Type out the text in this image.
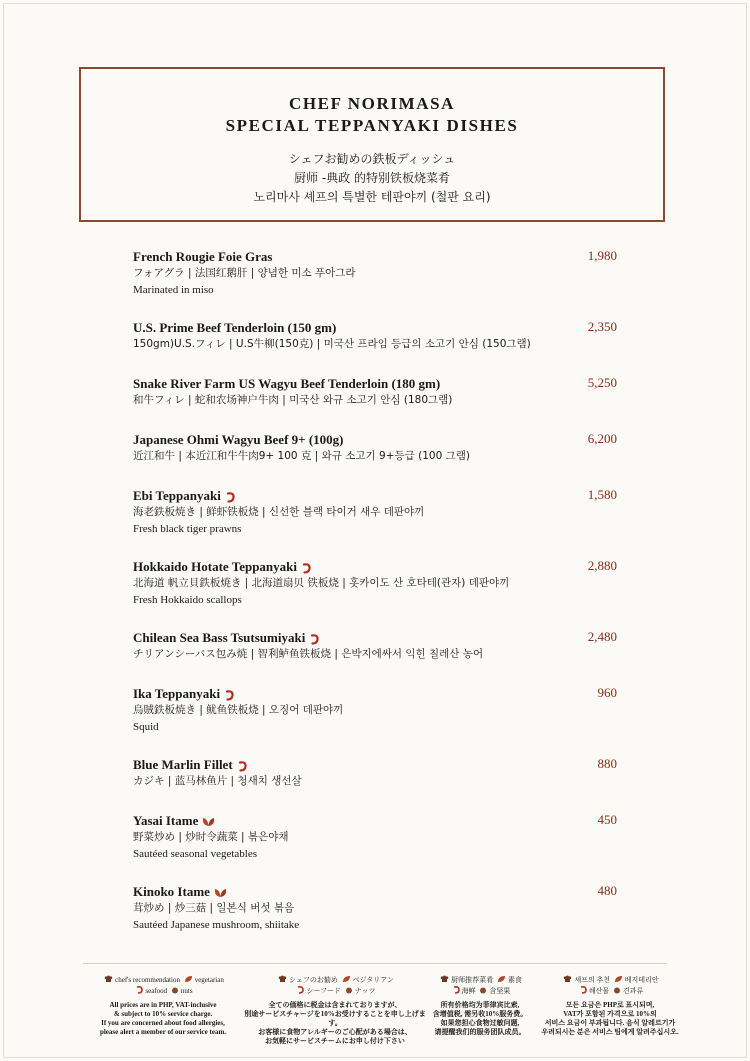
CHEF NORIMASA
SPECIAL TEPPANYAKI DISHES
シェフお勧めの鉄板ディッシュ
厨师 -典政 的特别铁板烧菜肴
노리마사 셰프의 특별한 테판야끼 (철판 요리)
French Rougie Foie Gras
フォアグラ | 法国红鹅肝 | 양념한 미소 푸아그라
Marinated in miso
1,980
U.S. Prime Beef Tenderloin (150 gm)
150gm)U.S.フィレ | U.S牛柳(150克) | 미국산 프라임 등급의 소고기 안심 (150그램)
2,350
Snake River Farm US Wagyu Beef Tenderloin (180 gm)
和牛フィレ | 蛇和农场神户牛肉 | 미국산 와규 소고기 안심 (180그램)
5,250
Japanese Ohmi Wagyu Beef 9+ (100g)
近江和牛 | 本近江和牛牛肉9+ 100 克 | 와규 소고기 9+등급 (100 그램)
6,200
Ebi Teppanyaki
海老鉄板焼き | 鲜虾铁板烧 | 신선한 블랙 타이거 새우 데판야끼
Fresh black tiger prawns
1,580
Hokkaido Hotate Teppanyaki
北海道 帆立貝鉄板焼き | 北海道扇贝 铁板烧 | 홋카이도 산 호타테(관자) 데판야끼
Fresh Hokkaido scallops
2,880
Chilean Sea Bass Tsutsumiyaki
チリアンシーバス包み焼 | 智利鲈鱼铁板烧 | 은박지에싸서 익힌 칠레산 농어
2,480
Ika Teppanyaki
烏賊鉄板焼き | 鱿鱼铁板烧 | 오징어 데판야끼
Squid
960
Blue Marlin Fillet
カジキ | 蓝马林鱼片 | 청새치 생선살
880
Yasai Itame
野菜炒め | 炒时令蔬菜 | 볶은야채
Sautéed seasonal vegetables
450
Kinoko Itame
茸炒め | 炒三菇 | 일본식 버섯 볶음
Sautéed Japanese mushroom, shiitake
480
chef's recommendation vegetarian
seafood nuts
All prices are in PHP, VAT-inclusive
& subject to 10% service charge.
If you are concerned about food allergies,
please alert a member of our service team.
シェフのお勧め ベジタリアン
シーフード ナッツ
全ての価格に税金は含まれておりますが、
別途サービスチャージを10%お受けすることを申し上げます。
お客様に食物アレルギーのご心配がある場合は、
お気軽にサービスチームにお申し付け下さい
厨师推荐菜肴 素食
海鲜 含坚果
所有价格均为菲律宾比索,
含增值税, 需另收10%服务费。
如果您担心食物过敏问题,
请提醒我们的服务团队成员。
셰프의 추천 베지테리안
해산물 견과류
모든 요금은 PHP로 표시되며,
VAT가 포함된 가격으로 10%의
서비스 요금이 부과됩니다. 음식 알레르기가
우려되시는 분은 서비스 팀에게 알려주십시오.
